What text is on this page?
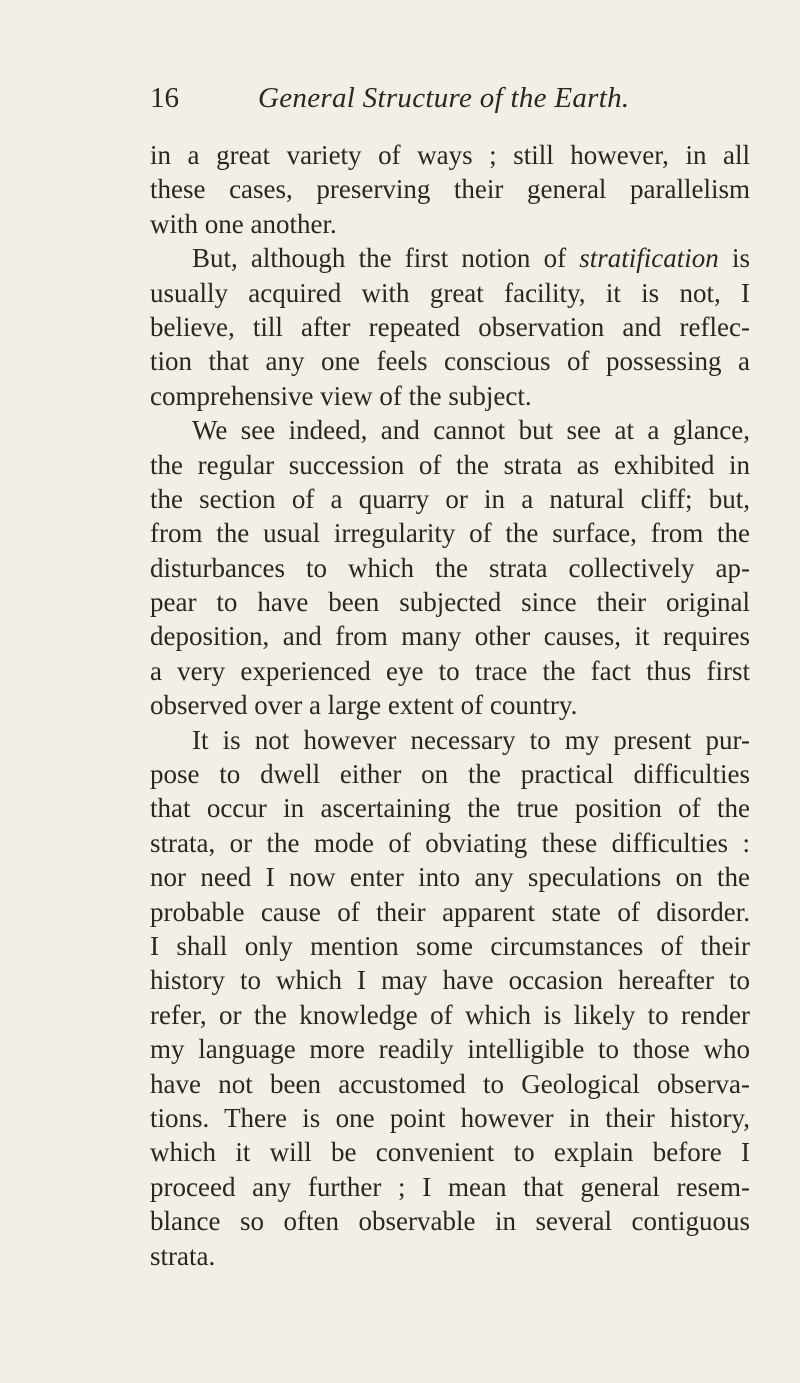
16	General Structure of the Earth.
in a great variety of ways ; still however, in all
these cases, preserving their general parallelism
with one another.
But, although the first notion of stratification is
usually acquired with great facility, it is not, I
believe, till after repeated observation and reflec-
tion that any one feels conscious of possessing a
comprehensive view of the subject.
We see indeed, and cannot but see at a glance,
the regular succession of the strata as exhibited in
the section of a quarry or in a natural cliff; but,
from the usual irregularity of the surface, from the
disturbances to which the strata collectively ap-
pear to have been subjected since their original
deposition, and from many other causes, it requires
a very experienced eye to trace the fact thus first
observed over a large extent of country.
It is not however necessary to my present pur-
pose to dwell either on the practical difficulties
that occur in ascertaining the true position of the
strata, or the mode of obviating these difficulties :
nor need I now enter into any speculations on the
probable cause of their apparent state of disorder.
I shall only mention some circumstances of their
history to which I may have occasion hereafter to
refer, or the knowledge of which is likely to render
my language more readily intelligible to those who
have not been accustomed to Geological observa-
tions. There is one point however in their history,
which it will be convenient to explain before I
proceed any further ; I mean that general resem-
blance so often observable in several contiguous
strata.
